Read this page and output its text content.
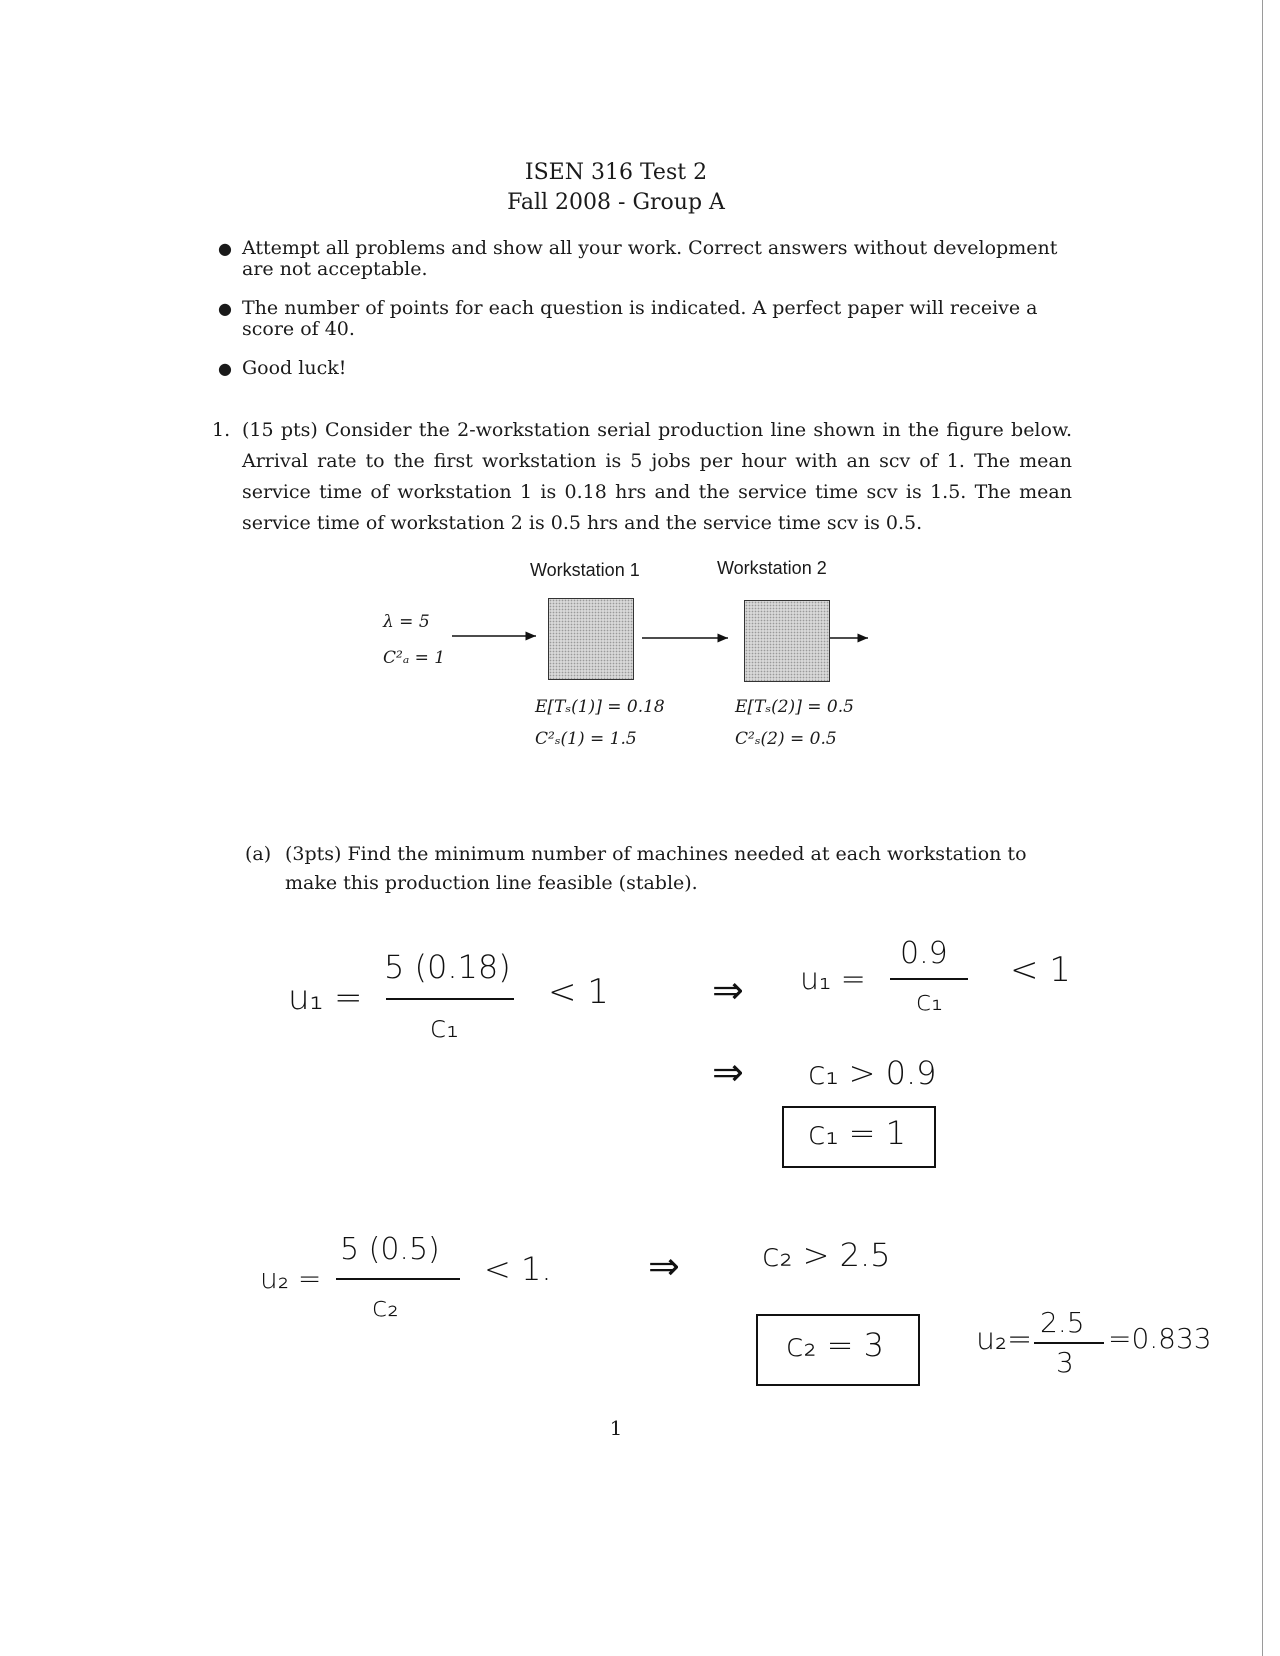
ISEN 316 Test 2
Fall 2008 - Group A
● Attempt all problems and show all your work. Correct answers without development are not acceptable.
● The number of points for each question is indicated. A perfect paper will receive a score of 40.
● Good luck!
1. (15 pts) Consider the 2-workstation serial production line shown in the figure below. Arrival rate to the first workstation is 5 jobs per hour with an scv of 1. The mean service time of workstation 1 is 0.18 hrs and the service time scv is 1.5. The mean service time of workstation 2 is 0.5 hrs and the service time scv is 0.5.
Workstation 1	Workstation 2
λ = 5
C²ₐ = 1
E[Tₛ(1)] = 0.18
C²ₛ(1) = 1.5
E[Tₛ(2)] = 0.5
C²ₛ(2) = 0.5
(a) (3pts) Find the minimum number of machines needed at each workstation to make this production line feasible (stable).
u₁ =
5 (0.18)
c₁
< 1	⇒ u₁ =
0.9
c₁
< 1
⇒ c₁ > 0.9
c₁ = 1
u₂ =
5 (0.5)
c₂
< 1.	⇒	c₂ > 2.5
c₂ = 3	u₂= 2.5
3
=0.833
1
